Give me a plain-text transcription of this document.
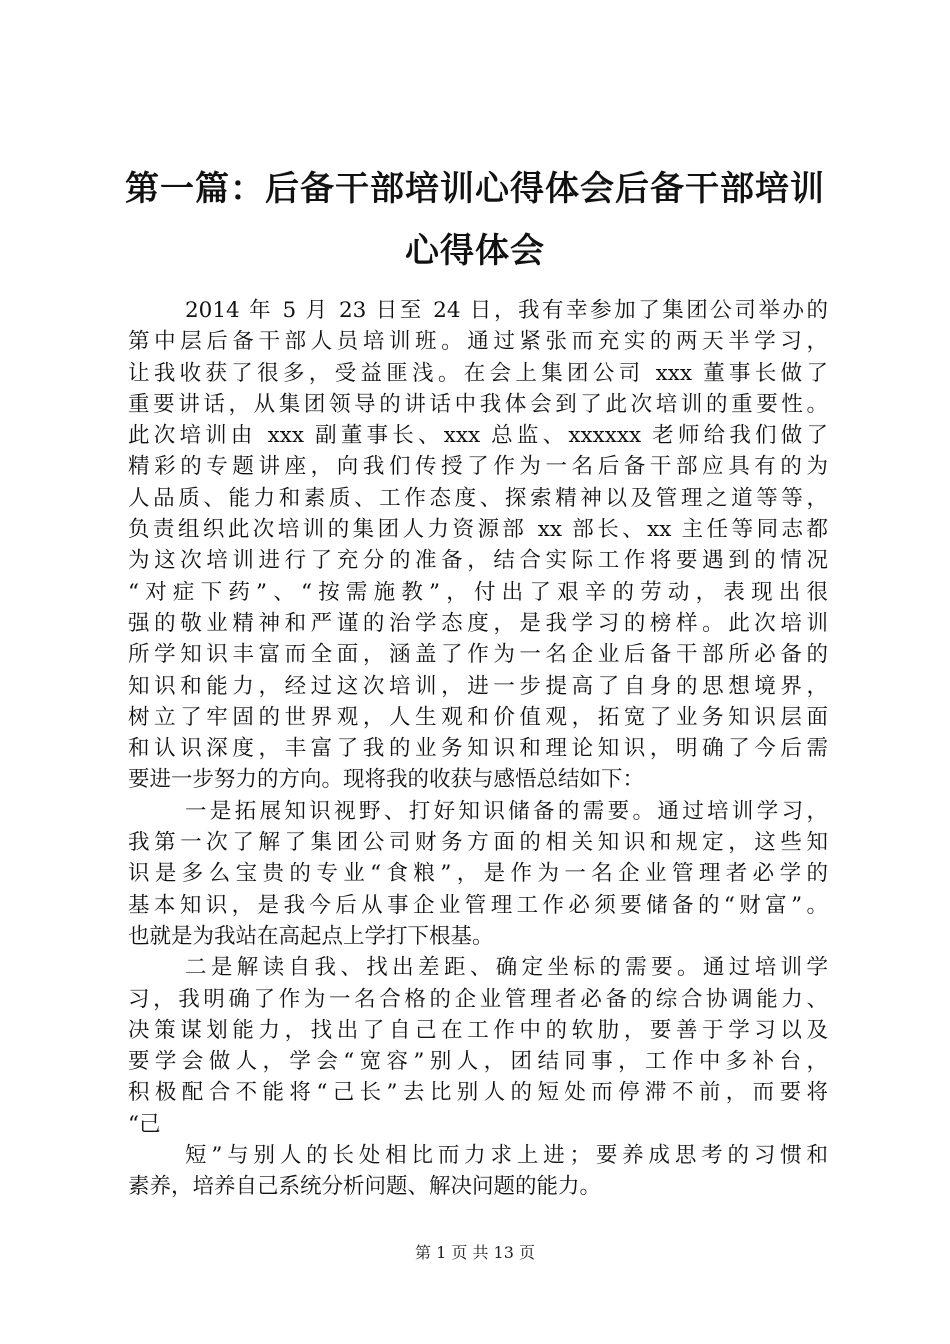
第一篇：后备干部培训心得体会后备干部培训
心得体会
2014 年 5 月 23 日至 24 日，我有幸参加了集团公司举办的
第中层后备干部人员培训班。通过紧张而充实的两天半学习，
让我收获了很多，受益匪浅。在会上集团公司 xxx 董事长做了
重要讲话，从集团领导的讲话中我体会到了此次培训的重要性。
此次培训由 xxx 副董事长、xxx 总监、xxxxxx 老师给我们做了
精彩的专题讲座，向我们传授了作为一名后备干部应具有的为
人品质、能力和素质、工作态度、探索精神以及管理之道等等，
负责组织此次培训的集团人力资源部 xx 部长、xx 主任等同志都
为这次培训进行了充分的准备，结合实际工作将要遇到的情况
“对症下药”、“按需施教”，付出了艰辛的劳动，表现出很
强的敬业精神和严谨的治学态度，是我学习的榜样。此次培训
所学知识丰富而全面，涵盖了作为一名企业后备干部所必备的
知识和能力，经过这次培训，进一步提高了自身的思想境界，
树立了牢固的世界观，人生观和价值观，拓宽了业务知识层面
和认识深度，丰富了我的业务知识和理论知识，明确了今后需
要进一步努力的方向。现将我的收获与感悟总结如下：
一是拓展知识视野、打好知识储备的需要。通过培训学习，
我第一次了解了集团公司财务方面的相关知识和规定，这些知
识是多么宝贵的专业“食粮”，是作为一名企业管理者必学的
基本知识，是我今后从事企业管理工作必须要储备的“财富”。
也就是为我站在高起点上学打下根基。
二是解读自我、找出差距、确定坐标的需要。通过培训学
习，我明确了作为一名合格的企业管理者必备的综合协调能力、
决策谋划能力，找出了自己在工作中的软肋，要善于学习以及
要学会做人，学会“宽容”别人，团结同事，工作中多补台，
积极配合不能将“己长”去比别人的短处而停滞不前，而要将
“己
短”与别人的长处相比而力求上进；要养成思考的习惯和
素养，培养自己系统分析问题、解决问题的能力。
第 1 页 共 13 页
